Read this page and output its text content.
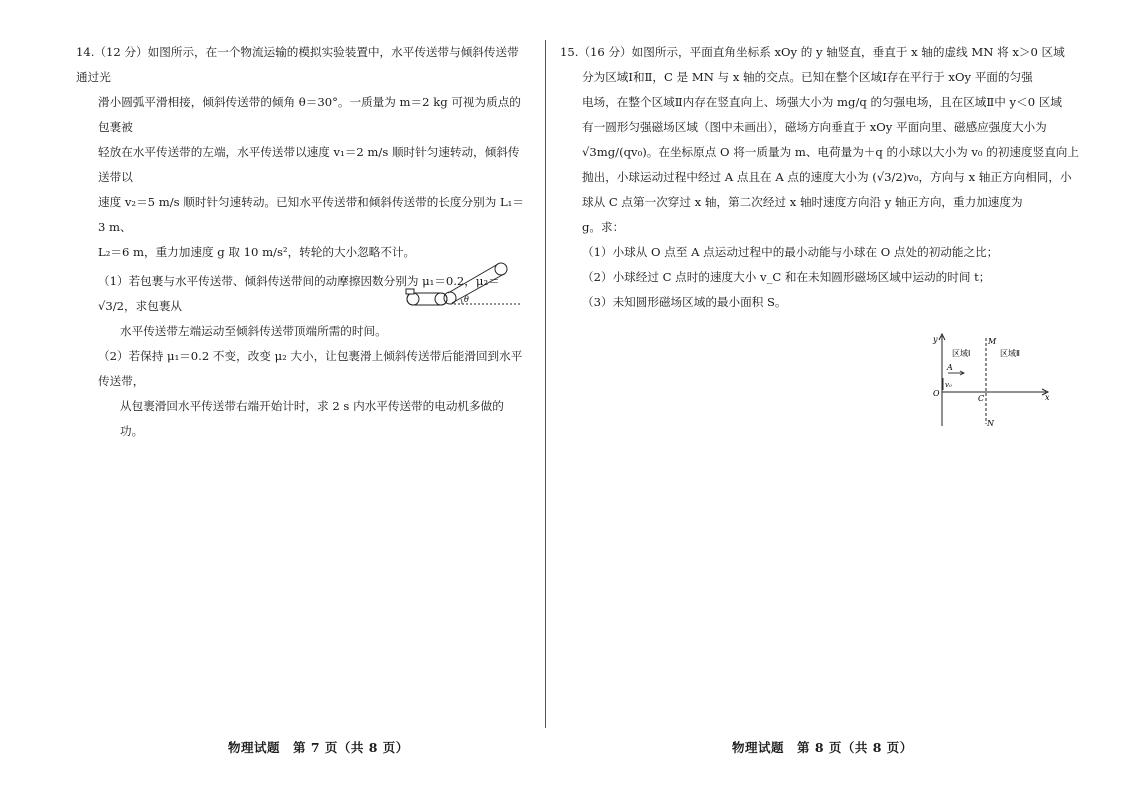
14.（12 分）如图所示，在一个物流运输的模拟实验装置中，水平传送带与倾斜传送带通过光

滑小圆弧平滑相接，倾斜传送带的倾角 θ＝30°。一质量为 m＝2 kg 可视为质点的包裹被

轻放在水平传送带的左端，水平传送带以速度 v₁＝2 m/s 顺时针匀速转动，倾斜传送带以

速度 v₂＝5 m/s 顺时针匀速转动。已知水平传送带和倾斜传送带的长度分别为 L₁＝3 m、

L₂＝6 m，重力加速度 g 取 10 m/s²，转轮的大小忽略不计。

（1）若包裹与水平传送带、倾斜传送带间的动摩擦因数分别为 μ₁＝0.2，μ₂＝√3/2，求包裹从

水平传送带左端运动至倾斜传送带顶端所需的时间。

（2）若保持 μ₁＝0.2 不变，改变 μ₂ 大小，让包裹滑上倾斜传送带后能滑回到水平传送带，

从包裹滑回水平传送带右端开始计时，求 2 s 内水平传送带的电动机多做的功。

θ
物理试题　第 7 页（共 8 页）

15.（16 分）如图所示，平面直角坐标系 xOy 的 y 轴竖直，垂直于 x 轴的虚线 MN 将 x＞0 区域

分为区域Ⅰ和Ⅱ，C 是 MN 与 x 轴的交点。已知在整个区域Ⅰ存在平行于 xOy 平面的匀强

电场，在整个区域Ⅱ内存在竖直向上、场强大小为 mg/q 的匀强电场，且在区域Ⅱ中 y＜0 区域

有一圆形匀强磁场区域（图中未画出），磁场方向垂直于 xOy 平面向里、磁感应强度大小为

√3mg/(qv₀)。在坐标原点 O 将一质量为 m、电荷量为＋q 的小球以大小为 v₀ 的初速度竖直向上

抛出，小球运动过程中经过 A 点且在 A 点的速度大小为 (√3/2)v₀，方向与 x 轴正方向相同，小

球从 C 点第一次穿过 x 轴，第二次经过 x 轴时速度方向沿 y 轴正方向，重力加速度为

g。求：

（1）小球从 O 点至 A 点运动过程中的最小动能与小球在 O 点处的初动能之比；

（2）小球经过 C 点时的速度大小 v_C 和在未知圆形磁场区域中运动的时间 t；

（3）未知圆形磁场区域的最小面积 S。

物理试题　第 8 页（共 8 页）
y
x
O
M
N
C
区域Ⅰ	区域Ⅱ
A
v₀
